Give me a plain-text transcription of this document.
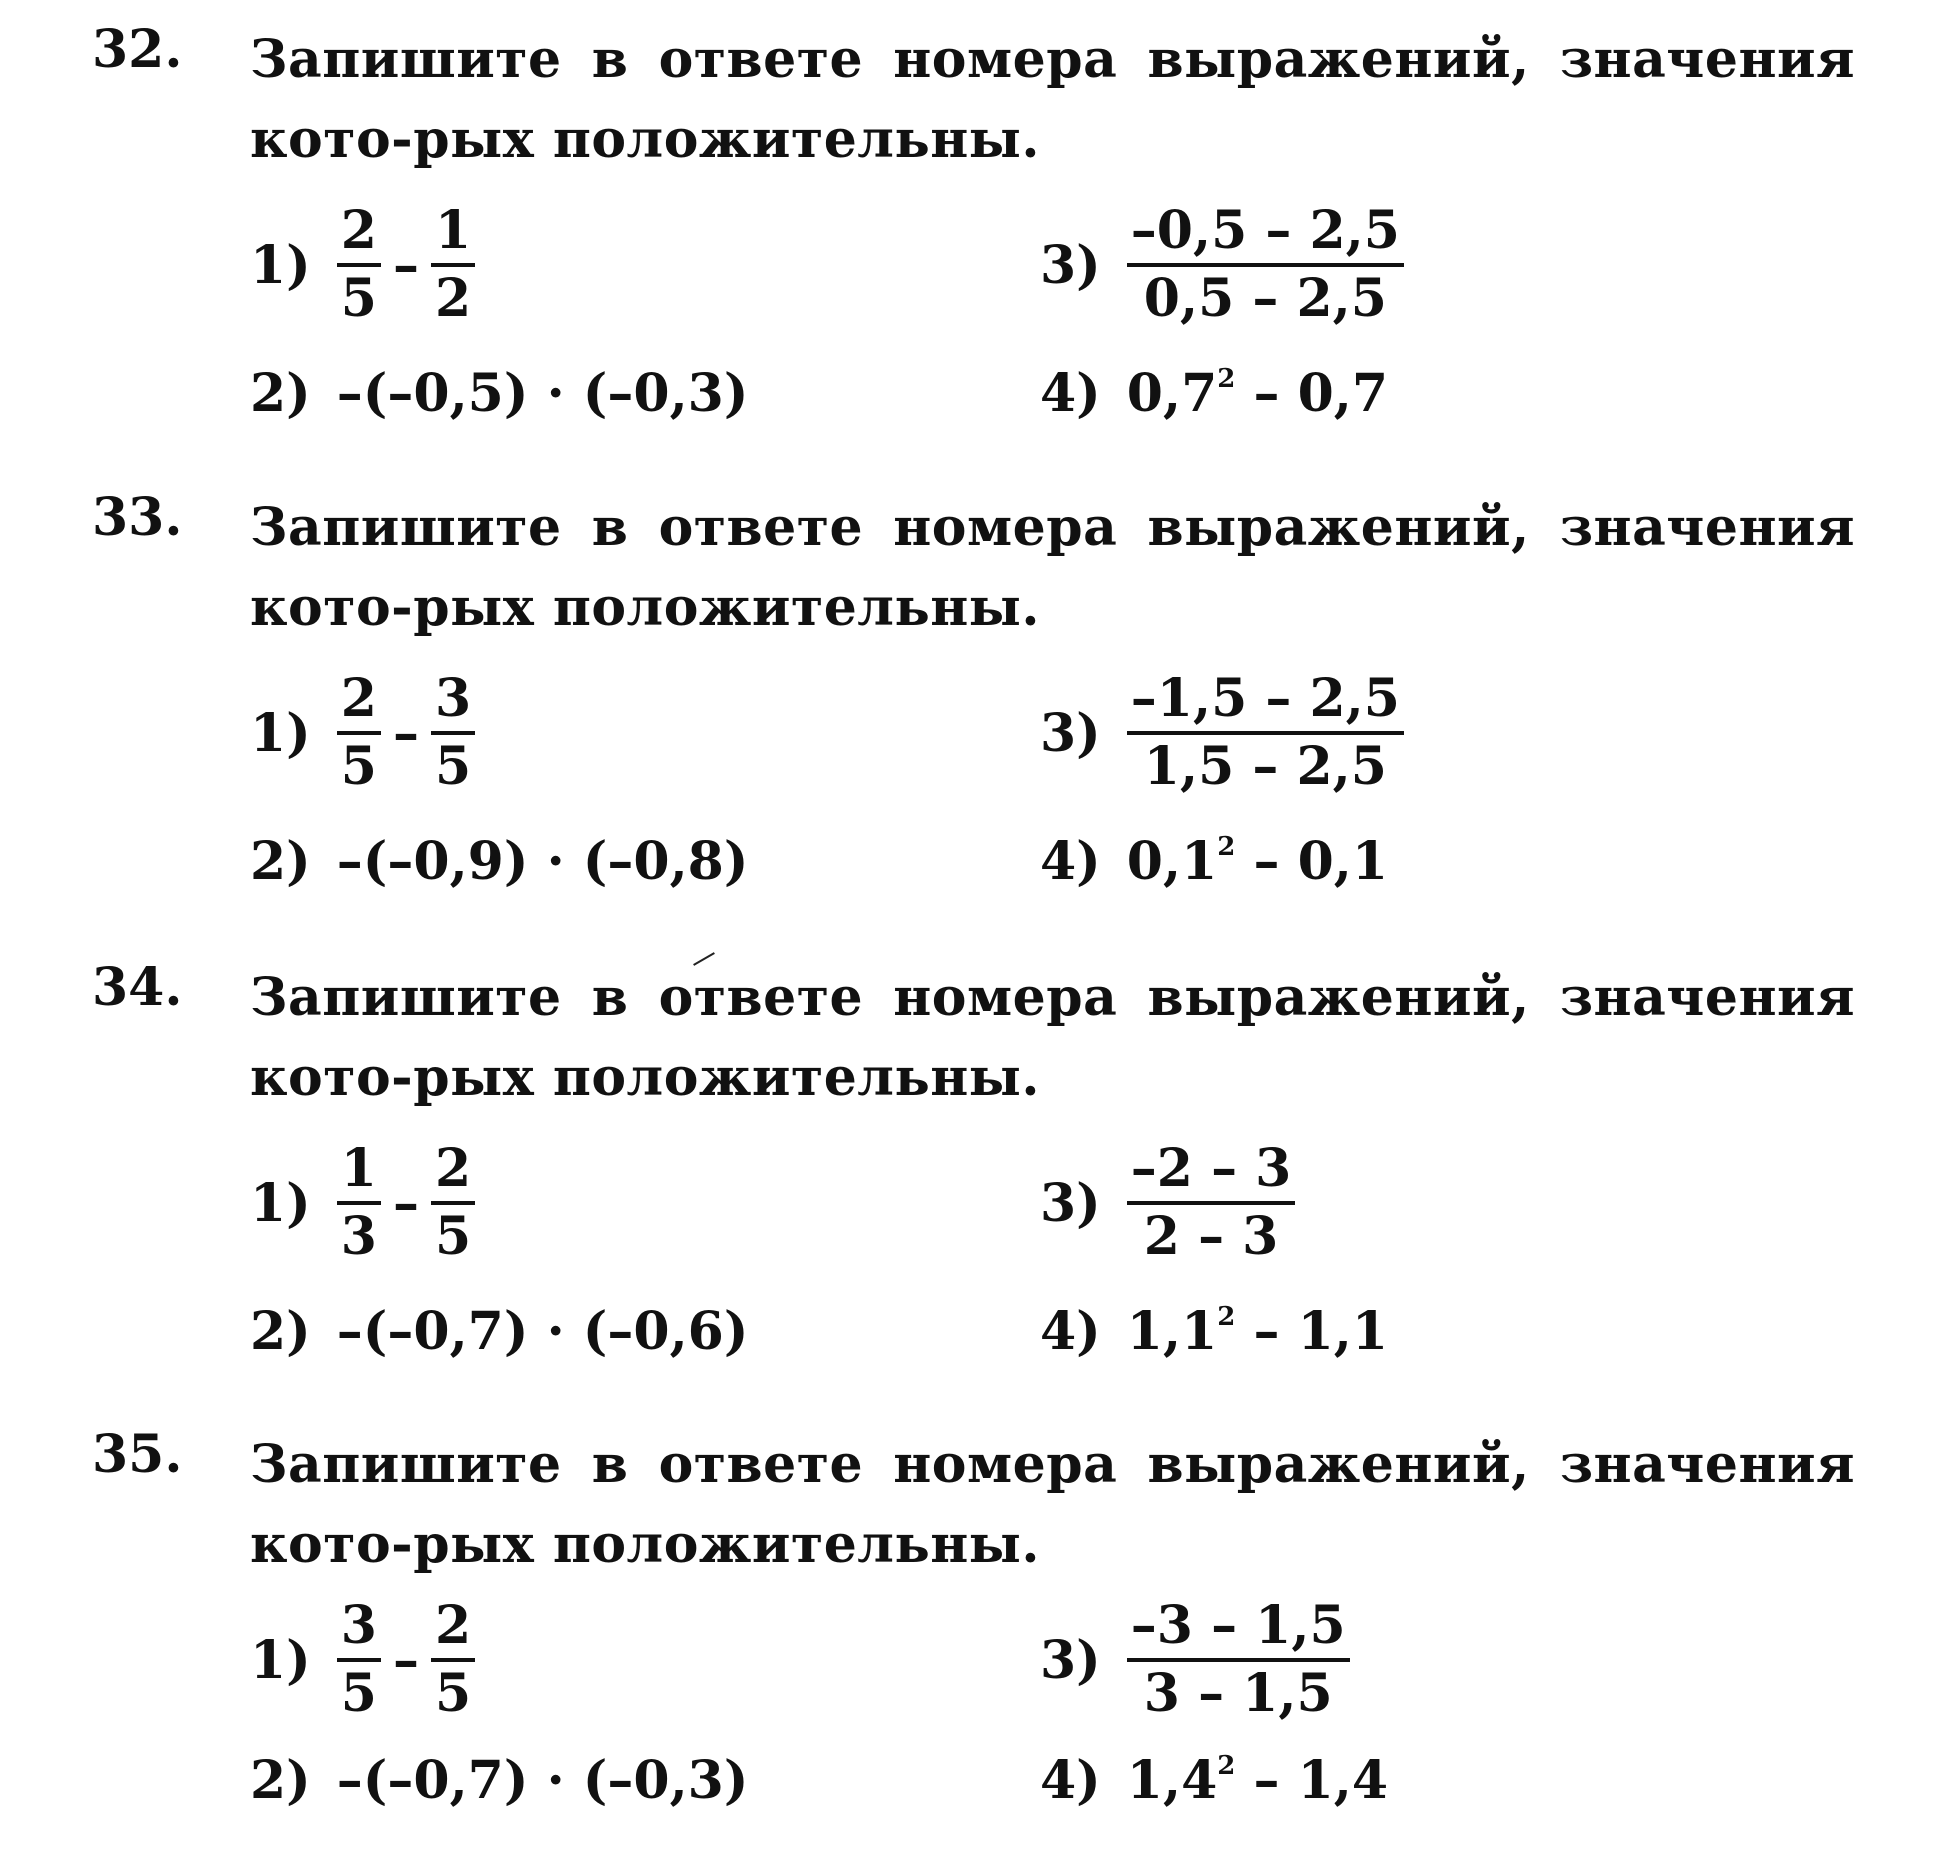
32. Запишите в ответе номера выражений, значения кото-рых положительны.
$1) \frac{2}{5} - \frac{1}{2}$
2) –(–0,5) · (–0,3)
$3) \frac{-0,5 - 2,5}{0,5 - 2,5}$
4) $0,7^2 - 0,7$
33. Запишите в ответе номера выражений, значения кото-рых положительны.
$1) \frac{2}{5} - \frac{3}{5}$
2) –(–0,9) · (–0,8)
$3) \frac{-1,5 - 2,5}{1,5 - 2,5}$
4) $0,1^2 - 0,1$
34. Запишите в ответе номера выражений, значения кото-рых положительны.
$1) \frac{1}{3} - \frac{2}{5}$
2) –(–0,7) · (–0,6)
$3) \frac{-2 - 3}{2 - 3}$
4) $1,1^2 - 1,1$
35. Запишите в ответе номера выражений, значения кото-рых положительны.
$1) \frac{3}{5} - \frac{2}{5}$
2) –(–0,7) · (–0,3)
$3) \frac{-3 - 1,5}{3 - 1,5}$
4) $1,4^2 - 1,4$
